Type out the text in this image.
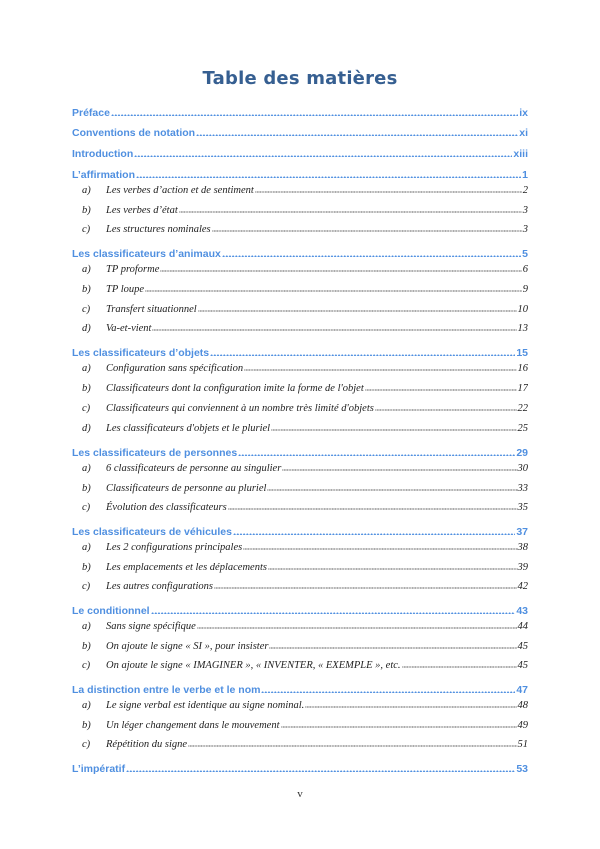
Table des matières
Préface	ix
Conventions de notation	xi
Introduction	xiii
L’affirmation	1
a) Les verbes d’action et de sentiment	2
b) Les verbes d’état	3
c) Les structures nominales	3
Les classificateurs d’animaux	5
a) TP proforme	6
b) TP loupe	9
c) Transfert situationnel	10
d) Va-et-vient	13
Les classificateurs d’objets	15
a) Configuration sans spécification	16
b) Classificateurs dont la configuration imite la forme de l'objet	17
c) Classificateurs qui conviennent à un nombre très limité d'objets	22
d) Les classificateurs d'objets et le pluriel	25
Les classificateurs de personnes	29
a) 6 classificateurs de personne au singulier	30
b) Classificateurs de personne au pluriel	33
c) Évolution des classificateurs	35
Les classificateurs de véhicules	37
a) Les 2 configurations principales	38
b) Les emplacements et les déplacements	39
c) Les autres configurations	42
Le conditionnel	43
a) Sans signe spécifique	44
b) On ajoute le signe « SI », pour insister	45
c) On ajoute le signe « IMAGINER », « INVENTER, « EXEMPLE », etc.	45
La distinction entre le verbe et le nom	47
a) Le signe verbal est identique au signe nominal.	48
b) Un léger changement dans le mouvement	49
c) Répétition du signe	51
L’impératif	53
v
